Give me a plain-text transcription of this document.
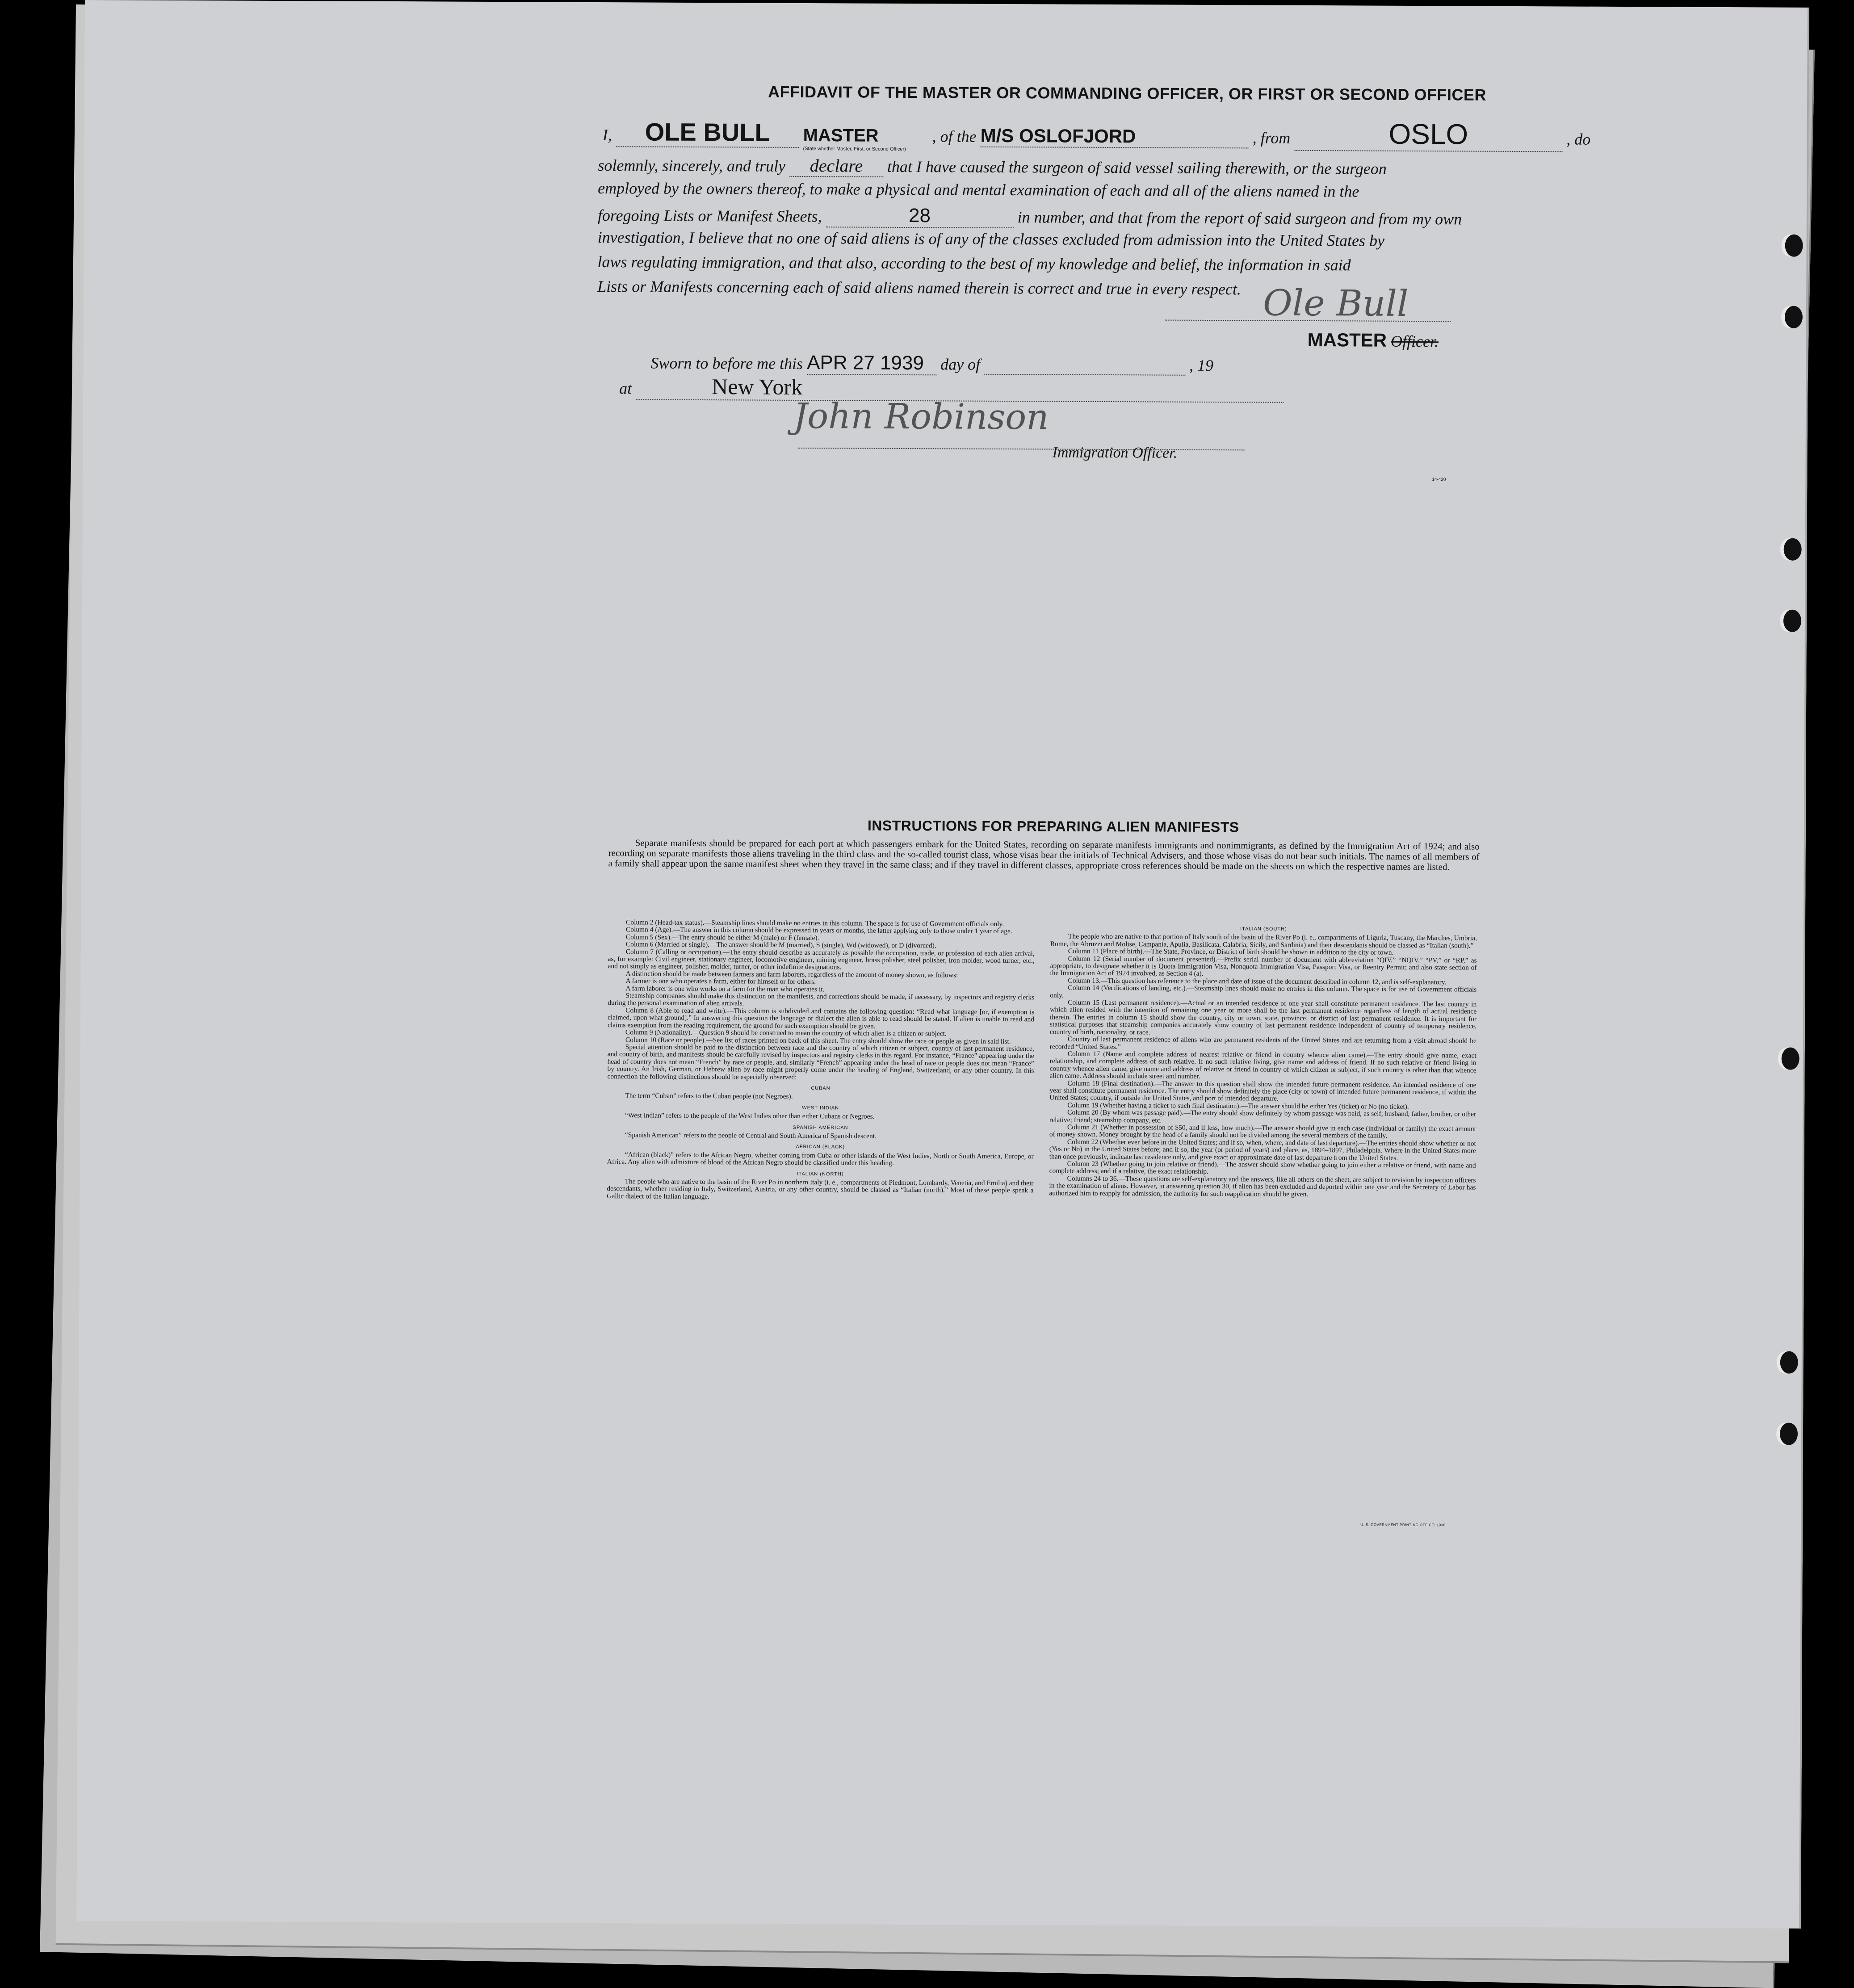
AFFIDAVIT OF THE MASTER OR COMMANDING OFFICER, OR FIRST OR SECOND OFFICER
I, OLE BULL MASTER
(State whether Master, First, or Second Officer)
, of the M/S OSLOFJORD	, from	OSLO	, do
solemnly, sincerely, and truly declare that I have caused the surgeon of said vessel sailing therewith, or the surgeon
employed by the owners thereof, to make a physical and mental examination of each and all of the aliens named in the
foregoing Lists or Manifest Sheets,	28	in number, and that from the report of said surgeon and from my own
investigation, I believe that no one of said aliens is of any of the classes excluded from admission into the United States by
laws regulating immigration, and that also, according to the best of my knowledge and belief, the information in said
Lists or Manifests concerning each of said aliens named therein is correct and true in every respect. Ole Bull
MASTER Officer.
Sworn to before me this APR 27 1939 day of	, 19
at	New York
John Robinson
Immigration Officer.
14-420
INSTRUCTIONS FOR PREPARING ALIEN MANIFESTS
Separate manifests should be prepared for each port at which passengers embark for the United States, recording on separate manifests immigrants and nonimmigrants, as defined by the Immigration Act of 1924; and also recording on separate manifests those aliens traveling in the third class and the so-called tourist class, whose visas bear the initials of Technical Advisers, and those whose visas do not bear such initials. The names of all members of a family shall appear upon the same manifest sheet when they travel in the same class; and if they travel in different classes, appropriate cross references should be made on the sheets on which the respective names are listed.

Column 2 (Head-tax status).—Steamship lines should make no entries in this column. The space is for use of Government officials only.

Column 4 (Age).—The answer in this column should be expressed in years or months, the latter applying only to those under 1 year of age.

Column 5 (Sex).—The entry should be either M (male) or F (female).

Column 6 (Married or single).—The answer should be M (married), S (single), Wd (widowed), or D (divorced).

Column 7 (Calling or occupation).—The entry should describe as accurately as possible the occupation, trade, or profession of each alien arrival, as, for example: Civil engineer, stationary engineer, locomotive engineer, mining engineer, brass polisher, steel polisher, iron molder, wood turner, etc., and not simply as engineer, polisher, molder, turner, or other indefinite designations.

A distinction should be made between farmers and farm laborers, regardless of the amount of money shown, as follows:

A farmer is one who operates a farm, either for himself or for others.

A farm laborer is one who works on a farm for the man who operates it.

Steamship companies should make this distinction on the manifests, and corrections should be made, if necessary, by inspectors and registry clerks during the personal examination of alien arrivals.

Column 8 (Able to read and write).—This column is subdivided and contains the following question: “Read what language [or, if exemption is claimed, upon what ground].” In answering this question the language or dialect the alien is able to read should be stated. If alien is unable to read and claims exemption from the reading requirement, the ground for such exemption should be given.

Column 9 (Nationality).—Question 9 should be construed to mean the country of which alien is a citizen or subject.

Column 10 (Race or people).—See list of races printed on back of this sheet. The entry should show the race or people as given in said list.

Special attention should be paid to the distinction between race and the country of which citizen or subject, country of last permanent residence, and country of birth, and manifests should be carefully revised by inspectors and registry clerks in this regard. For instance, “France” appearing under the head of country does not mean “French” by race or people, and, similarly “French” appearing under the head of race or people does not mean “France” by country. An Irish, German, or Hebrew alien by race might properly come under the heading of England, Switzerland, or any other country. In this connection the following distinctions should be especially observed:

CUBAN

The term “Cuban” refers to the Cuban people (not Negroes).

WEST INDIAN

“West Indian” refers to the people of the West Indies other than either Cubans or Negroes.

SPANISH AMERICAN

“Spanish American” refers to the people of Central and South America of Spanish descent.

AFRICAN (BLACK)

“African (black)” refers to the African Negro, whether coming from Cuba or other islands of the West Indies, North or South America, Europe, or Africa. Any alien with admixture of blood of the African Negro should be classified under this heading.

ITALIAN (NORTH)

The people who are native to the basin of the River Po in northern Italy (i. e., compartments of Piedmont, Lombardy, Venetia, and Emilia) and their descendants, whether residing in Italy, Switzerland, Austria, or any other country, should be classed as “Italian (north).” Most of these people speak a Gallic dialect of the Italian language.

ITALIAN (SOUTH)

The people who are native to that portion of Italy south of the basin of the River Po (i. e., compartments of Liguria, Tuscany, the Marches, Umbria, Rome, the Abruzzi and Molise, Campania, Apulia, Basilicata, Calabria, Sicily, and Sardinia) and their descendants should be classed as “Italian (south).”

Column 11 (Place of birth).—The State, Province, or District of birth should be shown in addition to the city or town.

Column 12 (Serial number of document presented).—Prefix serial number of document with abbreviation “QIV,” “NQIV,” “PV,” or “RP,” as appropriate, to designate whether it is Quota Immigration Visa, Nonquota Immigration Visa, Passport Visa, or Reentry Permit; and also state section of the Immigration Act of 1924 involved, as Section 4 (a).

Column 13.—This question has reference to the place and date of issue of the document described in column 12, and is self-explanatory.

Column 14 (Verifications of landing, etc.).—Steamship lines should make no entries in this column. The space is for use of Government officials only.

Column 15 (Last permanent residence).—Actual or an intended residence of one year shall constitute permanent residence. The last country in which alien resided with the intention of remaining one year or more shall be the last permanent residence regardless of length of actual residence therein. The entries in column 15 should show the country, city or town, state, province, or district of last permanent residence. It is important for statistical purposes that steamship companies accurately show country of last permanent residence independent of country of temporary residence, country of birth, nationality, or race.

Country of last permanent residence of aliens who are permanent residents of the United States and are returning from a visit abroad should be recorded “United States.”

Column 17 (Name and complete address of nearest relative or friend in country whence alien came).—The entry should give name, exact relationship, and complete address of such relative. If no such relative living, give name and address of friend. If no such relative or friend living in country whence alien came, give name and address of relative or friend in country of which citizen or subject, if such country is other than that whence alien came. Address should include street and number.

Column 18 (Final destination).—The answer to this question shall show the intended future permanent residence. An intended residence of one year shall constitute permanent residence. The entry should show definitely the place (city or town) of intended future permanent residence, if within the United States; country, if outside the United States, and port of intended departure.

Column 19 (Whether having a ticket to such final destination).—The answer should be either Yes (ticket) or No (no ticket).

Column 20 (By whom was passage paid).—The entry should show definitely by whom passage was paid, as self; husband, father, brother, or other relative; friend; steamship company, etc.

Column 21 (Whether in possession of $50, and if less, how much).—The answer should give in each case (individual or family) the exact amount of money shown. Money brought by the head of a family should not be divided among the several members of the family.

Column 22 (Whether ever before in the United States; and if so, when, where, and date of last departure).—The entries should show whether or not (Yes or No) in the United States before; and if so, the year (or period of years) and place, as, 1894–1897, Philadelphia. Where in the United States more than once previously, indicate last residence only, and give exact or approximate date of last departure from the United States.

Column 23 (Whether going to join relative or friend).—The answer should show whether going to join either a relative or friend, with name and complete address; and if a relative, the exact relationship.

Columns 24 to 36.—These questions are self-explanatory and the answers, like all others on the sheet, are subject to revision by inspection officers in the examination of aliens. However, in answering question 30, if alien has been excluded and deported within one year and the Secretary of Labor has authorized him to reapply for admission, the authority for such reapplication should be given.

U. S. GOVERNMENT PRINTING OFFICE: 1938
